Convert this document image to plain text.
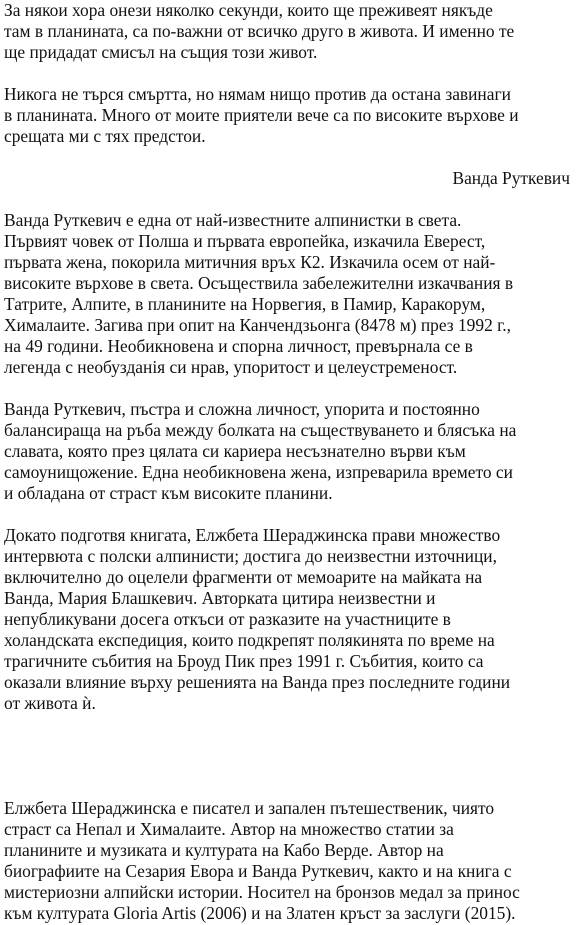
За някои хора онези няколко секунди, които ще преживеят някъде
там в планината, са по-важни от всичко друго в живота. И именно те
ще придадат смисъл на същия този живот.
Никога не търся смъртта, но нямам нищо против да остана завинаги
в планината. Много от моите приятели вече са по високите върхове и
срещата ми с тях предстои.
Ванда Руткевич
Ванда Руткевич е една от най-известните алпинистки в света.
Първият човек от Полша и първата европейка, изкачила Еверест,
първата жена, покорила митичния връх К2. Изкачила осем от най-
високите върхове в света. Осъществила забележителни изкачвания в
Татрите, Алпите, в планините на Норвегия, в Памир, Каракорум,
Хималаите. Загива при опит на Канчендзьонга (8478 м) през 1992 г.,
на 49 години. Необикновена и спорна личност, превърнала се в
легенда с необузданія си нрав, упоритост и целеустременост.
Ванда Руткевич, пъстра и сложна личност, упорита и постоянно
балансираща на ръба между болката на съществуването и блясъка на
славата, която през цялата си кариера несъзнателно върви към
самоунищожение. Една необикновена жена, изпреварила времето си
и обладана от страст към високите планини.
Докато подготвя книгата, Елжбета Шераджинска прави множество
интервюта с полски алпинисти; достига до неизвестни източници,
включително до оцелели фрагменти от мемоарите на майката на
Ванда, Мария Блашкевич. Авторката цитира неизвестни и
непубликувани досега откъси от разказите на участниците в
холандската експедиция, които подкрепят полякинята по време на
трагичните събития на Броуд Пик през 1991 г. Събития, които са
оказали влияние върху решенията на Ванда през последните години
от живота ѝ.
Елжбета Шераджинска е писател и запален пътешественик, чиято
страст са Непал и Хималаите. Автор на множество статии за
планините и музиката и културата на Кабо Верде. Автор на
биографиите на Сезария Евора и Ванда Руткевич, както и на книга с
мистериозни алпийски истории. Носител на бронзов медал за принос
към културата Gloria Artis (2006) и на Златен кръст за заслуги (2015).
